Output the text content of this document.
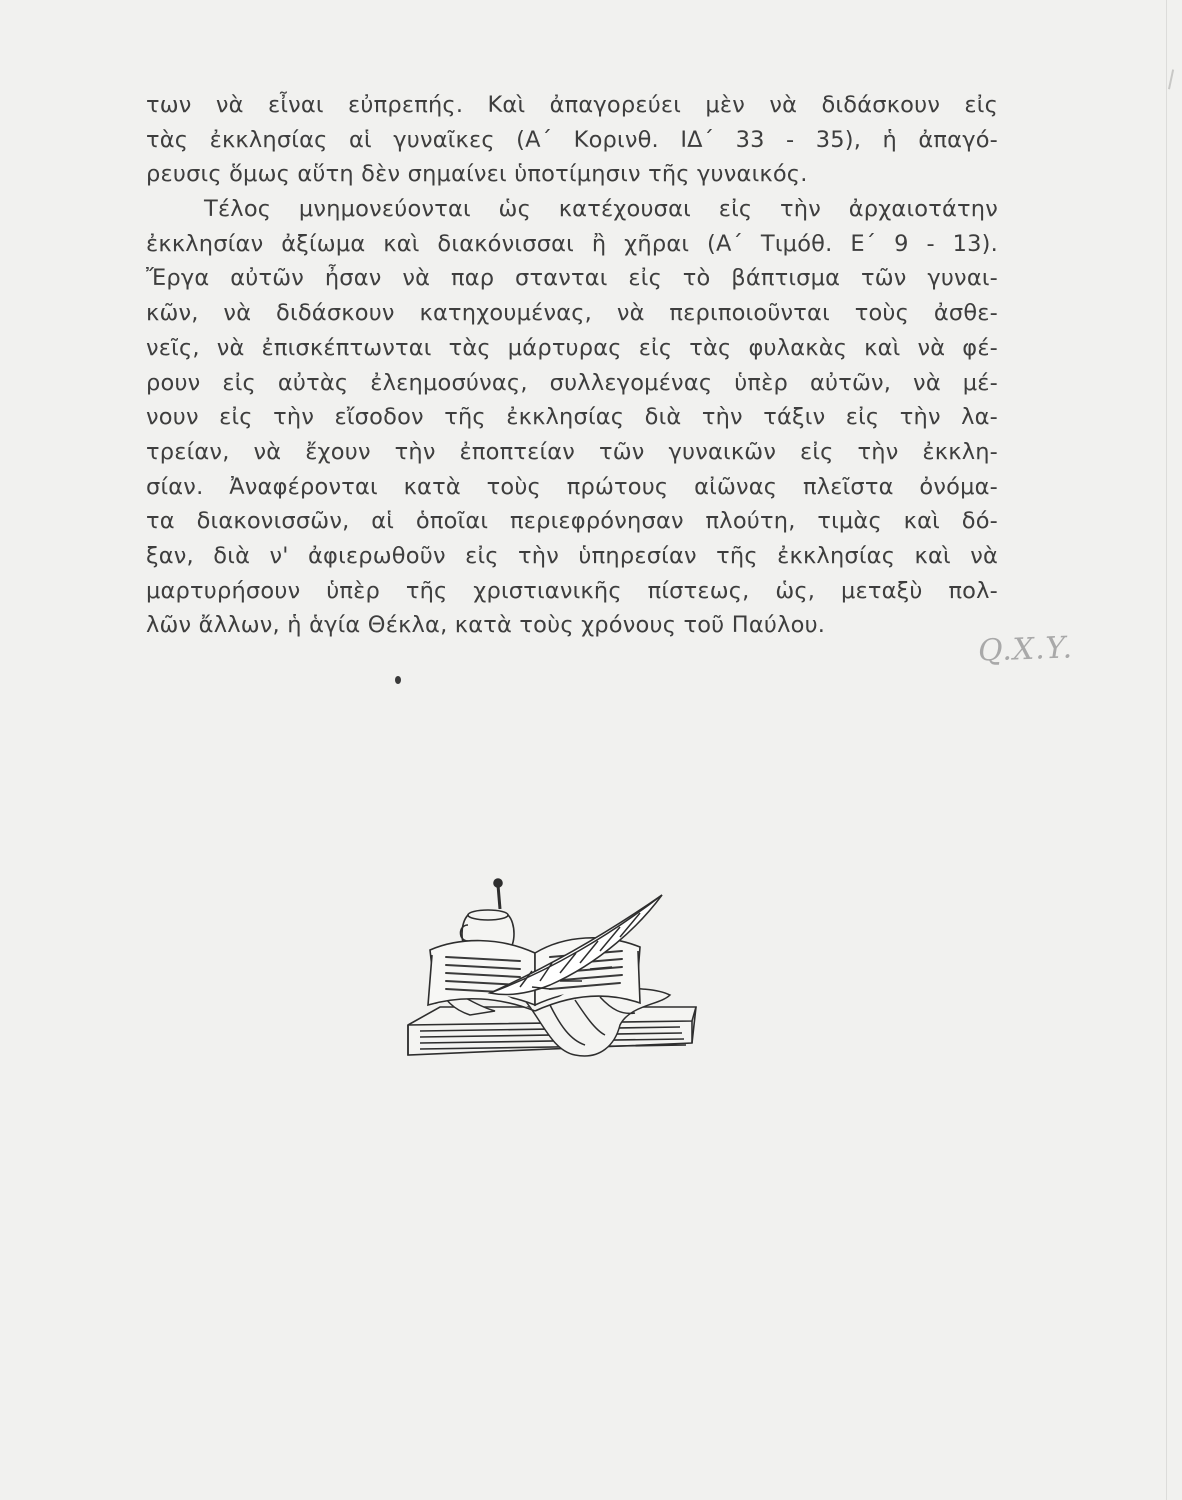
των νὰ εἶναι εὐπρεπής. Καὶ ἀπαγορεύει μὲν νὰ διδάσκουν εἰς
τὰς ἐκκλησίας αἱ γυναῖκες (Α΄ Κορινθ. ΙΔ΄ 33 - 35), ἡ ἀπαγό-
ρευσις ὅμως αὕτη δὲν σημαίνει ὑποτίμησιν τῆς γυναικός.
Τέλος μνημονεύονται ὡς κατέχουσαι εἰς τὴν ἀρχαιοτάτην
ἐκκλησίαν ἀξίωμα καὶ διακόνισσαι ἢ χῆραι (Α΄ Τιμόθ. Ε΄ 9 - 13).
Ἔργα αὐτῶν ἦσαν νὰ παρ στανται εἰς τὸ βάπτισμα τῶν γυναι-
κῶν, νὰ διδάσκουν κατηχουμένας, νὰ περιποιοῦνται τοὺς ἀσθε-
νεῖς, νὰ ἐπισκέπτωνται τὰς μάρτυρας εἰς τὰς φυλακὰς καὶ νὰ φέ-
ρουν εἰς αὐτὰς ἐλεημοσύνας, συλλεγομένας ὑπὲρ αὐτῶν, νὰ μέ-
νουν εἰς τὴν εἴσοδον τῆς ἐκκλησίας διὰ τὴν τάξιν εἰς τὴν λα-
τρείαν, νὰ ἔχουν τὴν ἐποπτείαν τῶν γυναικῶν εἰς τὴν ἐκκλη-
σίαν. Ἀναφέρονται κατὰ τοὺς πρώτους αἰῶνας πλεῖστα ὀνόμα-
τα διακονισσῶν, αἱ ὁποῖαι περιεφρόνησαν πλούτη, τιμὰς καὶ δό-
ξαν, διὰ ν' ἀφιερωθοῦν εἰς τὴν ὑπηρεσίαν τῆς ἐκκλησίας καὶ νὰ
μαρτυρήσουν ὑπὲρ τῆς χριστιανικῆς πίστεως, ὡς, μεταξὺ πολ-
λῶν ἄλλων, ἡ ἁγία Θέκλα, κατὰ τοὺς χρόνους τοῦ Παύλου.
Q.X.Y.
